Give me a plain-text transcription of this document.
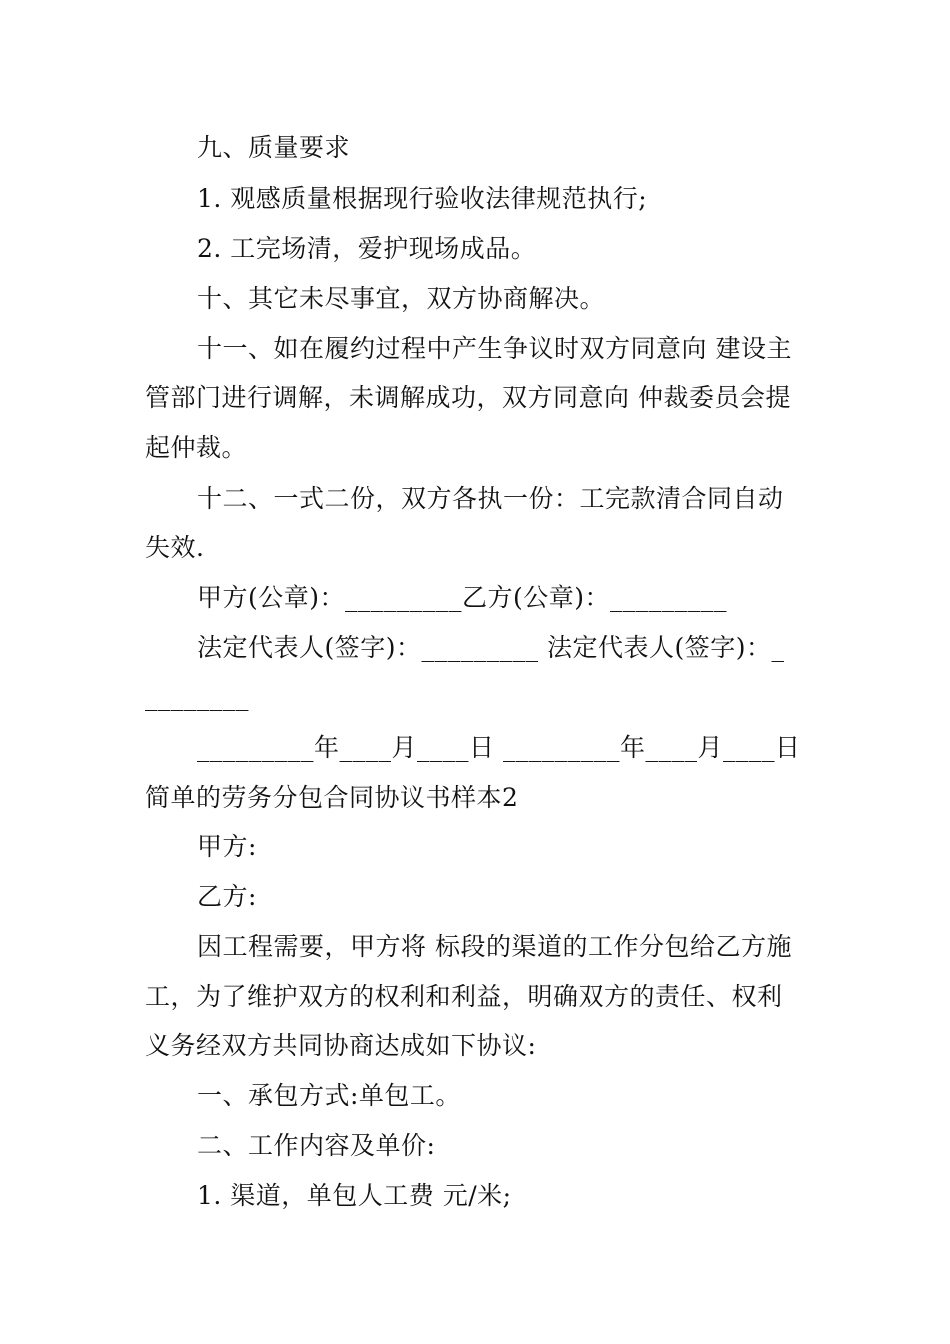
九、质量要求
1. 观感质量根据现行验收法律规范执行;
2. 工完场清，爱护现场成品。
十、其它未尽事宜，双方协商解决。
十一、如在履约过程中产生争议时双方同意向 建设主
管部门进行调解，未调解成功，双方同意向 仲裁委员会提
起仲裁。
十二、一式二份，双方各执一份：工完款清合同自动
失效.
甲方(公章)：_________乙方(公章)：_________
法定代表人(签字)：_________ 法定代表人(签字)：_
________
_________年____月____日 _________年____月____日
简单的劳务分包合同协议书样本2
甲方:
乙方:
因工程需要，甲方将 标段的渠道的工作分包给乙方施
工，为了维护双方的权利和利益，明确双方的责任、权利
义务经双方共同协商达成如下协议:
一、承包方式:单包工。
二、工作内容及单价:
1. 渠道，单包人工费 元/米;
